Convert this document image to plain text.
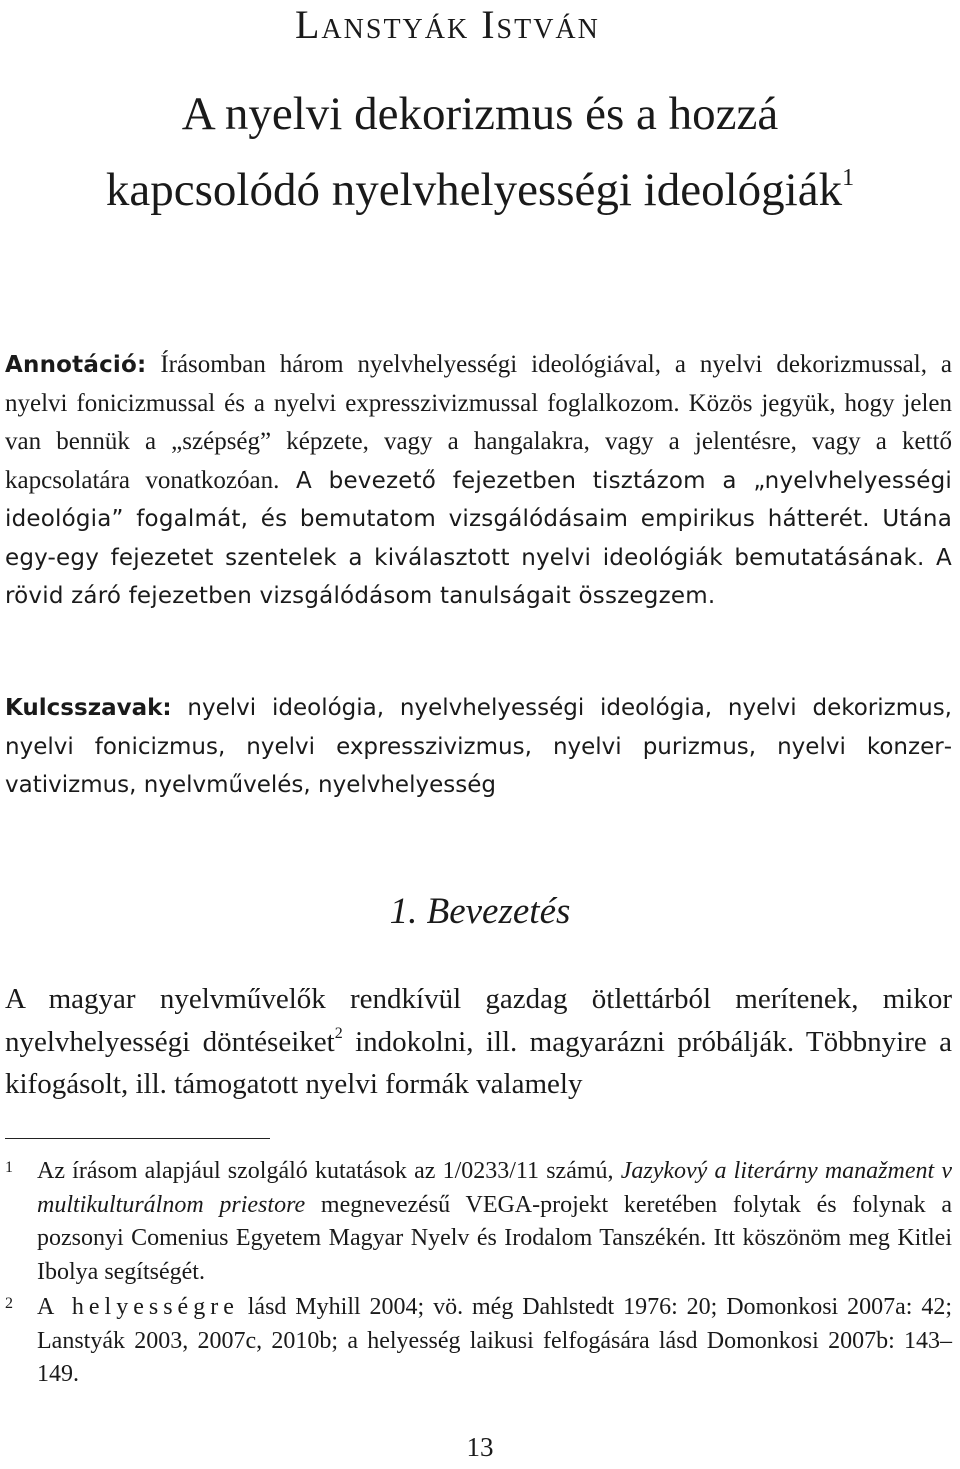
Lanstyák István
A nyelvi dekorizmus és a hozzá
kapcsolódó nyelvhelyességi ideológiák$^1$
Annotáció: Írásomban három nyelvhelyességi ideológiával, a nyelvi dekorizmussal, a nyelvi fonicizmussal és a nyelvi expresszivizmussal foglalkozom. Közös jegyük, hogy jelen van bennük a „szépség” képzete, vagy a hangalakra, vagy a jelentésre, vagy a kettő kapcsolatára vonatkozóan. A bevezető fejezetben tisztázom a „nyelvhelyességi ideológia” fogalmát, és bemutatom vizsgálódásaim empirikus hátterét. Utána egy-egy fejezetet szentelek a kiválasztott nyelvi ideológiák bemutatásának. A rövid záró fejezetben vizsgálódásom tanulságait összegzem.
Kulcsszavak: nyelvi ideológia, nyelvhelyességi ideológia, nyelvi dekorizmus, nyelvi fonicizmus, nyelvi expresszivizmus, nyelvi purizmus, nyelvi konzervativizmus, nyelvművelés, nyelvhelyesség
1. Bevezetés
A magyar nyelvművelők rendkívül gazdag ötlettárból merítenek, mikor nyelvhelyességi döntéseiket$^2$ indokolni, ill. magyarázni próbálják. Többnyire a kifogásolt, ill. támogatott nyelvi formák valamely
1 Az írásom alapjául szolgáló kutatások az 1/0233/11 számú, Jazykový a literárny manažment v multikulturálnom priestore megnevezésű VEGA-projekt keretében folytak és folynak a pozsonyi Comenius Egyetem Magyar Nyelv és Irodalom Tanszékén. Itt köszönöm meg Kitlei Ibolya segítségét.
2 A helyességre lásd Myhill 2004; vö. még Dahlstedt 1976: 20; Domonkosi 2007a: 42; Lanstyák 2003, 2007c, 2010b; a helyesség laikusi felfogására lásd Domonkosi 2007b: 143–149.
13
